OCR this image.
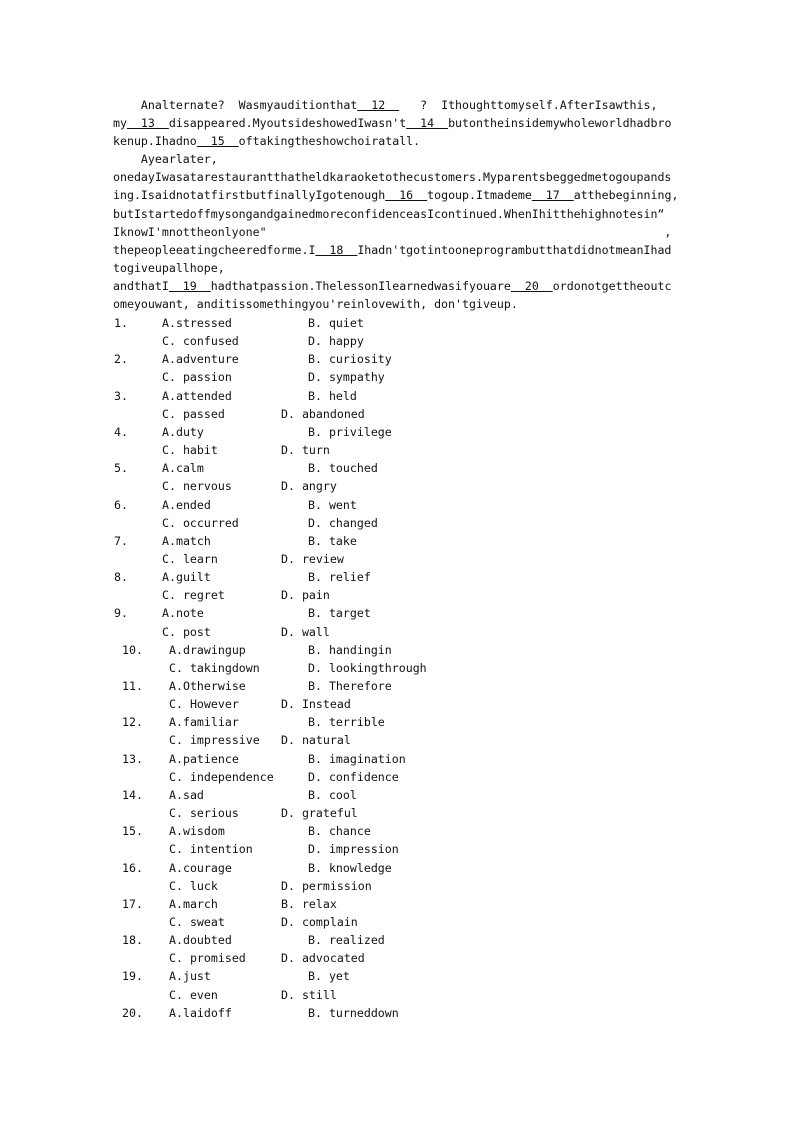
Analternate?  Wasmyauditionthat  12     ?  Ithoughttomyself.AfterIsawthis,

my  13  disappeared.MyoutsideshowedIwasn't  14  butontheinsidemywholeworldhadbro

kenup.Ihadno  15  oftakingtheshowchoiratall.

Ayearlater,

onedayIwasatarestaurantthatheldkaraoketothecustomers.Myparentsbeggedmetogoupands

ing.IsaidnotatfirstbutfinallyIgotenough  16  togoup.Itmademe  17  atthebeginning,

butIstartedoffmysongandgainedmoreconfidenceasIcontinued.WhenIhitthehighnotesin“

IknowI'mnottheonlyone"                                                         ,

thepeopleeatingcheeredforme.I  18  Ihadn'tgotintooneprogrambutthatdidnotmeanIhad

togiveupallhope,

andthatI  19  hadthatpassion.ThelessonIlearnedwasifyouare  20  ordonotgettheoutc

omeyouwant, anditissomethingyou'reinlovewith, don'tgiveup.

1.	A.stressed	B. quiet
C. confused	D. happy
2.	A.adventure	B. curiosity
C. passion	D. sympathy
3.	A.attended	B. held
C. passed	D. abandoned
4.	A.duty	B. privilege
C. habit	D. turn
5.	A.calm	B. touched
C. nervous	D. angry
6.	A.ended	B. went
C. occurred	D. changed
7.	A.match	B. take
C. learn	D. review
8.	A.guilt	B. relief
C. regret	D. pain
9.	A.note	B. target
C. post	D. wall
10.	A.drawingup	B. handingin
C. takingdown	D. lookingthrough
11.	A.Otherwise	B. Therefore
C. However	D. Instead
12.	A.familiar	B. terrible
C. impressive D. natural
13.	A.patience	B. imagination
C. independence	D. confidence
14.	A.sad	B. cool
C. serious	D. grateful
15.	A.wisdom	B. chance
C. intention	D. impression
16.	A.courage	B. knowledge
C. luck	D. permission
17.	A.march	B. relax
C. sweat	D. complain
18.	A.doubted	B. realized
C. promised	D. advocated
19.	A.just	B. yet
C. even	D. still
20.	A.laidoff	B. turneddown
